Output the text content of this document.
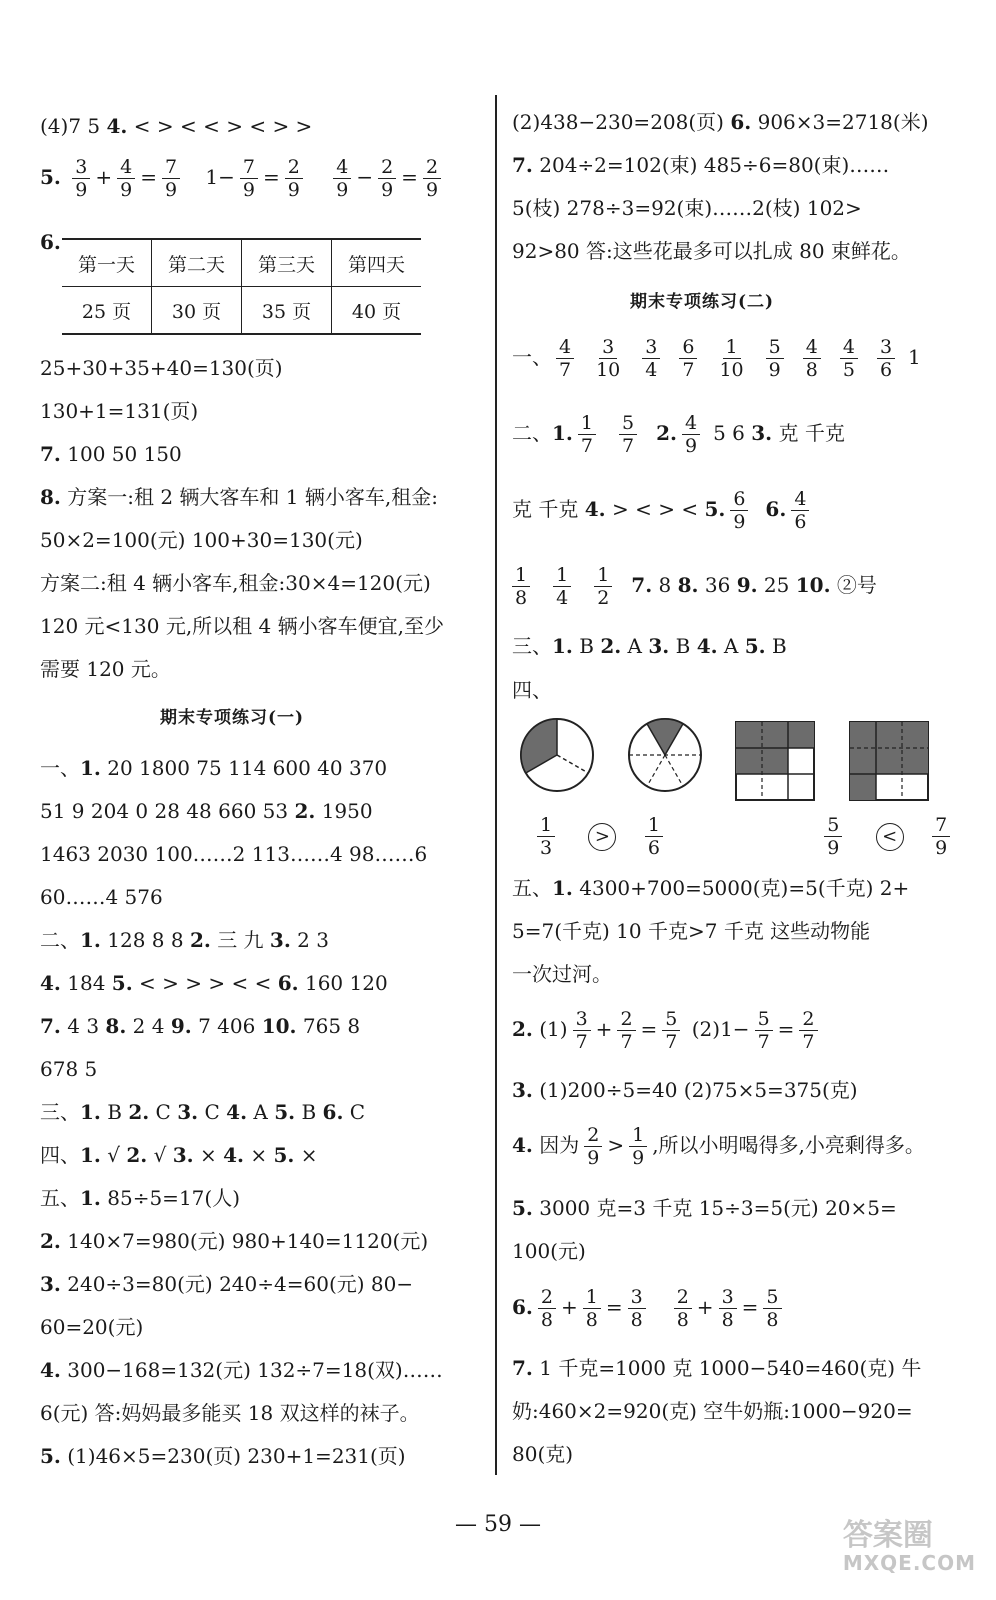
(4)7 5 4. < > < < > < > >
5. $\frac{3}{9} + \frac{4}{9} = \frac{7}{9} 1- \frac{7}{9} = \frac{2}{9}$
$\frac{4}{9} - \frac{2}{9} = \frac{2}{9}$
6.
第一天	第二天	第三天	第四天
25 页	30 页	35 页	40 页
25+30+35+40=130(页)
130+1=131(页)
7. 100 50 150
8. 方案一:租 2 辆大客车和 1 辆小客车,租金:
50×2=100(元) 100+30=130(元)
方案二:租 4 辆小客车,租金:30×4=120(元)
120 元<130 元,所以租 4 辆小客车便宜,至少
需要 120 元。
期末专项练习(一)
一、1. 20 1800 75 114 600 40 370
51 9 204 0 28 48 660 53 2. 1950
1463 2030 100……2 113……4 98……6
60……4 576
二、1. 128 8 8 2. 三 九 3. 2 3
4. 184 5. < > > > < < 6. 160 120
7. 4 3 8. 2 4 9. 7 406 10. 765 8
678 5
三、1. B 2. C 3. C 4. A 5. B 6. C
四、1. √ 2. √ 3. × 4. × 5. ×
五、1. 85÷5=17(人)
2. 140×7=980(元) 980+140=1120(元)
3. 240÷3=80(元) 240÷4=60(元) 80−
60=20(元)
4. 300−168=132(元) 132÷7=18(双)……
6(元) 答:妈妈最多能买 18 双这样的袜子。
5. (1)46×5=230(页) 230+1=231(页)
(2)438−230=208(页) 6. 906×3=2718(米)
7. 204÷2=102(束) 485÷6=80(束)……
5(枝) 278÷3=92(束)……2(枝) 102>
92>80 答:这些花最多可以扎成 80 束鲜花。
期末专项练习(二)
一、 $\frac{4}{7} \frac{3}{10} \frac{3}{4} \frac{6}{7} \frac{1}{10} \frac{5}{9} \frac{4}{8} \frac{4}{5} \frac{3}{6} 1$
二、1. $\frac{1}{7} \frac{5}{7} 2$. $\frac{4}{9} 5$ 6 3. 克 千克
克 千克 4. > < > < 5. $\frac{6}{9} 6$. $\frac{4}{6}$
$\frac{1}{8} \frac{1}{4} \frac{1}{2} 7$. 8 8. 36 9. 25 10. ②号
三、1. B 2. A 3. B 4. A 5. B
四、
$\frac{1}{3} > \frac{1}{6}$
	$\frac{5}{9} < \frac{7}{9}$
五、1. 4300+700=5000(克)=5(千克) 2+
5=7(千克) 10 千克>7 千克 这些动物能
一次过河。
2. $(1) \frac{3}{7} + \frac{2}{7} = \frac{5}{7} (2)1- \frac{5}{7} = \frac{2}{7}$
3. (1)200÷5=40 (2)75×5=375(克)
4. 因为 $\frac{2}{9} > \frac{1}{9}$ ,所以小明喝得多,小亮剩得多。
5. 3000 克=3 千克 15÷3=5(元) 20×5=
100(元)
6. $\frac{2}{8} + \frac{1}{8} = \frac{3}{8} \frac{2}{8} + \frac{3}{8} = \frac{5}{8}$
7. 1 千克=1000 克 1000−540=460(克) 牛
奶:460×2=920(克) 空牛奶瓶:1000−920=
80(克)
— 59 —	答案圈
MXQE.COM
